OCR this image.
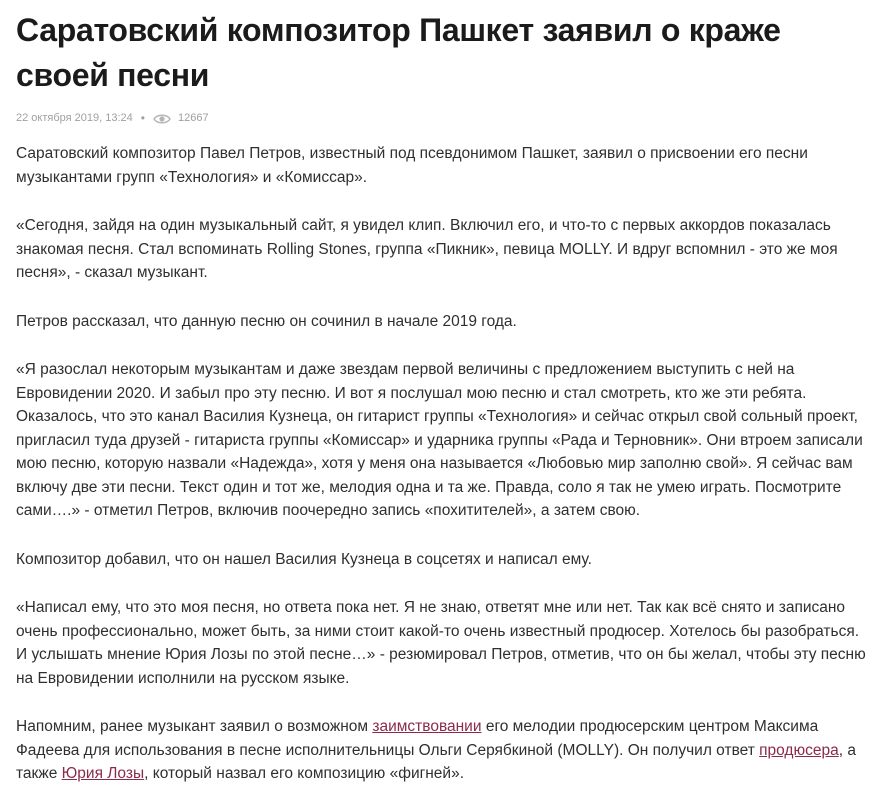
Саратовский композитор Пашкет заявил о краже своей песни
22 октября 2019, 13:24 •	12667

Саратовский композитор Павел Петров, известный под псевдонимом Пашкет, заявил о присвоении его песни музыкантами групп «Технология» и «Комиссар».

«Сегодня, зайдя на один музыкальный сайт, я увидел клип. Включил его, и что-то с первых аккордов показалась знакомая песня. Стал вспоминать Rolling Stones, группа «Пикник», певица MOLLY. И вдруг вспомнил - это же моя песня», - сказал музыкант.

Петров рассказал, что данную песню он сочинил в начале 2019 года.

«Я разослал некоторым музыкантам и даже звездам первой величины с предложением выступить с ней на Евровидении 2020. И забыл про эту песню. И вот я послушал мою песню и стал смотреть, кто же эти ребята. Оказалось, что это канал Василия Кузнеца, он гитарист группы «Технология» и сейчас открыл свой сольный проект, пригласил туда друзей - гитариста группы «Комиссар» и ударника группы «Рада и Терновник». Они втроем записали мою песню, которую назвали «Надежда», хотя у меня она называется «Любовью мир заполню свой». Я сейчас вам включу две эти песни. Текст один и тот же, мелодия одна и та же. Правда, соло я так не умею играть. Посмотрите сами….» - отметил Петров, включив поочередно запись «похитителей», а затем свою.

Композитор добавил, что он нашел Василия Кузнеца в соцсетях и написал ему.

«Написал ему, что это моя песня, но ответа пока нет. Я не знаю, ответят мне или нет. Так как всё снято и записано очень профессионально, может быть, за ними стоит какой-то очень известный продюсер. Хотелось бы разобраться. И услышать мнение Юрия Лозы по этой песне…» - резюмировал Петров, отметив, что он бы желал, чтобы эту песню на Евровидении исполнили на русском языке.

Напомним, ранее музыкант заявил о возможном заимствовании его мелодии продюсерским центром Максима Фадеева для использования в песне исполнительницы Ольги Серябкиной (MOLLY). Он получил ответ продюсера, а также Юрия Лозы, который назвал его композицию «фигней».
